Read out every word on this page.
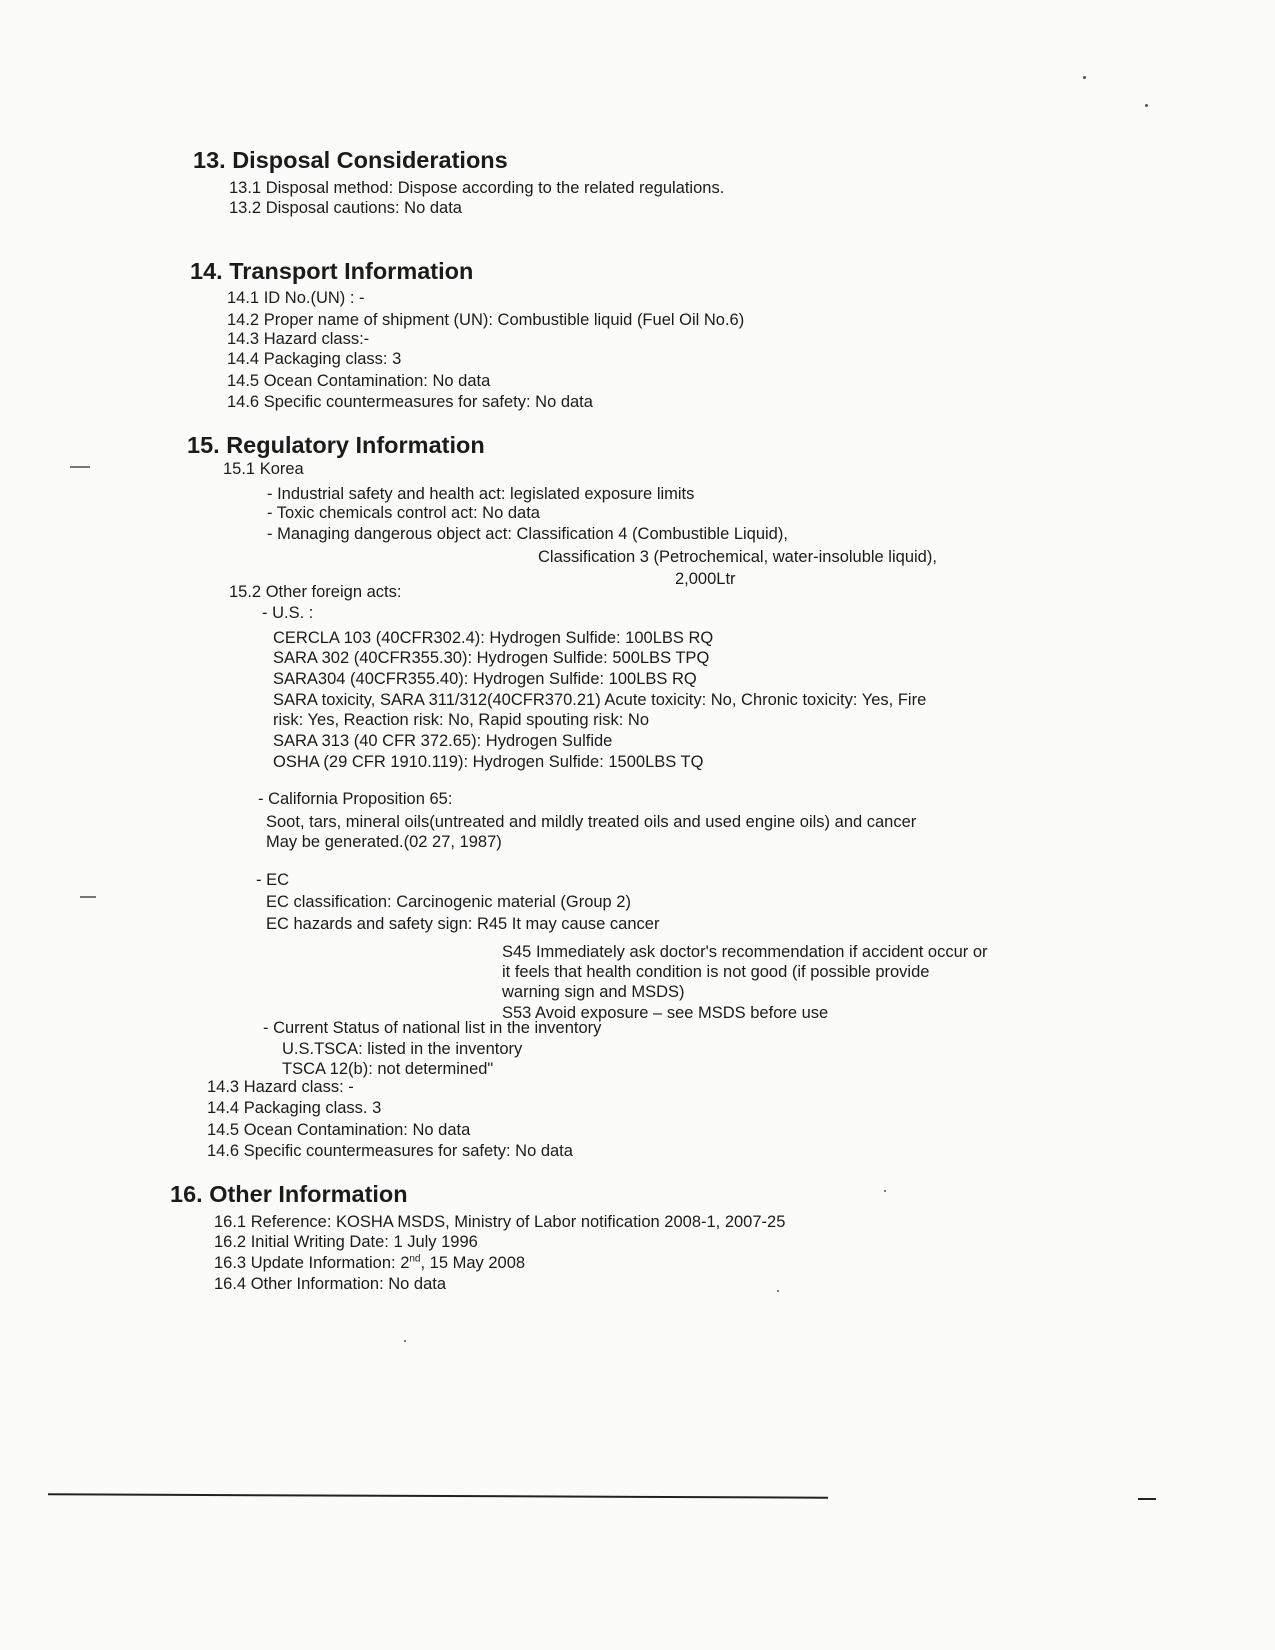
13. Disposal Considerations
13.1 Disposal method: Dispose according to the related regulations.
13.2 Disposal cautions: No data
14. Transport Information
14.1 ID No.(UN) : -
14.2 Proper name of shipment (UN): Combustible liquid (Fuel Oil No.6)
14.3 Hazard class:-
14.4 Packaging class: 3
14.5 Ocean Contamination: No data
14.6 Specific countermeasures for safety: No data
15. Regulatory Information
15.1 Korea
- Industrial safety and health act: legislated exposure limits
- Toxic chemicals control act: No data
- Managing dangerous object act: Classification 4 (Combustible Liquid),
Classification 3 (Petrochemical, water-insoluble liquid),
2,000Ltr
15.2 Other foreign acts:
- U.S. :
CERCLA 103 (40CFR302.4): Hydrogen Sulfide: 100LBS RQ
SARA 302 (40CFR355.30): Hydrogen Sulfide: 500LBS TPQ
SARA304 (40CFR355.40): Hydrogen Sulfide: 100LBS RQ
SARA toxicity, SARA 311/312(40CFR370.21) Acute toxicity: No, Chronic toxicity: Yes, Fire
risk: Yes, Reaction risk: No, Rapid spouting risk: No
SARA 313 (40 CFR 372.65): Hydrogen Sulfide
OSHA (29 CFR 1910.119): Hydrogen Sulfide: 1500LBS TQ
- California Proposition 65:
Soot, tars, mineral oils(untreated and mildly treated oils and used engine oils) and cancer
May be generated.(02 27, 1987)
- EC
EC classification: Carcinogenic material (Group 2)
EC hazards and safety sign: R45 It may cause cancer
S45 Immediately ask doctor's recommendation if accident occur or it feels that health condition is not good (if possible provide warning sign and MSDS)
S53 Avoid exposure – see MSDS before use
- Current Status of national list in the inventory
U.S.TSCA: listed in the inventory
TSCA 12(b): not determined"
14.3 Hazard class: -
14.4 Packaging class. 3
14.5 Ocean Contamination: No data
14.6 Specific countermeasures for safety: No data
16. Other Information
16.1 Reference: KOSHA MSDS, Ministry of Labor notification 2008-1, 2007-25
16.2 Initial Writing Date: 1 July 1996
16.3 Update Information: 2nd, 15 May 2008
16.4 Other Information: No data
